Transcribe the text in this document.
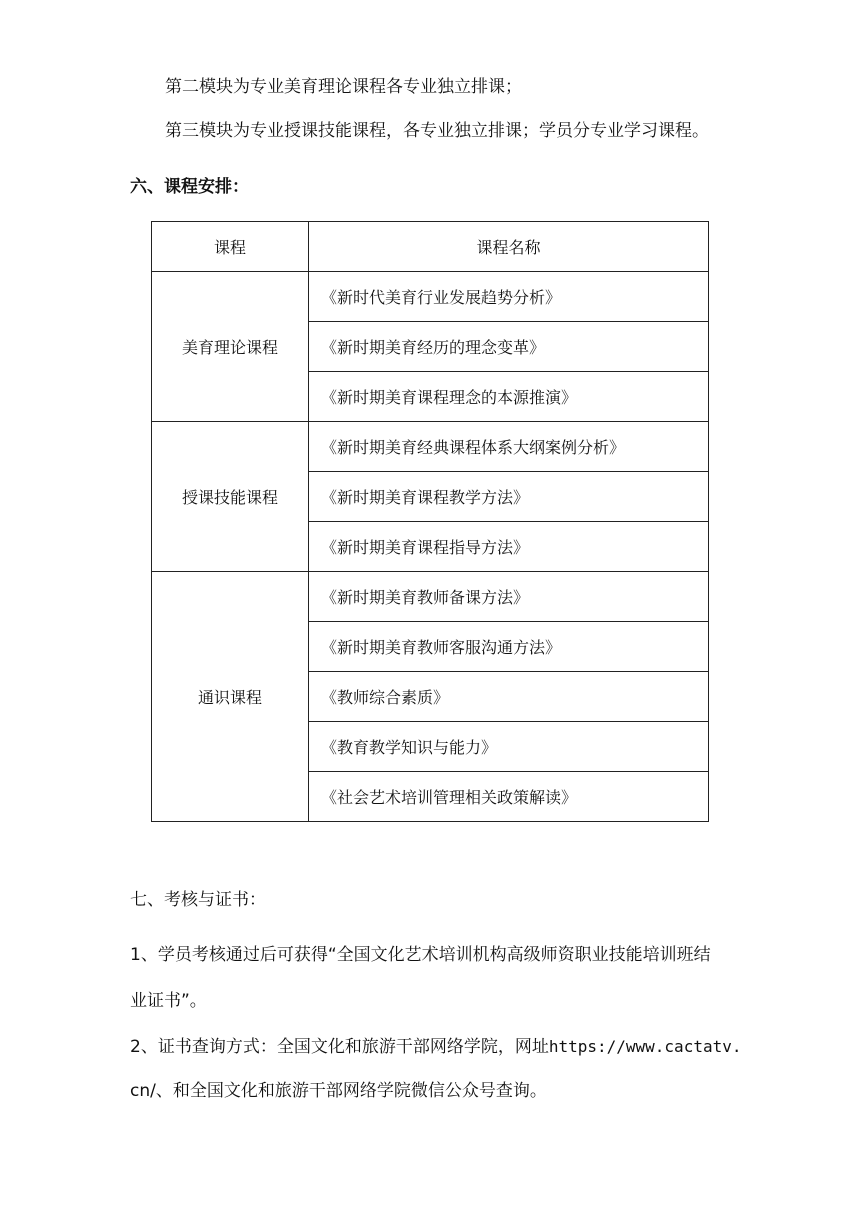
第二模块为专业美育理论课程各专业独立排课；
第三模块为专业授课技能课程，各专业独立排课；学员分专业学习课程。
六、课程安排：
课程	课程名称
美育理论课程	《新时代美育行业发展趋势分析》
	《新时期美育经历的理念变革》
	《新时期美育课程理念的本源推演》
授课技能课程	《新时期美育经典课程体系大纲案例分析》
	《新时期美育课程教学方法》
	《新时期美育课程指导方法》
通识课程	《新时期美育教师备课方法》
	《新时期美育教师客服沟通方法》
	《教师综合素质》
	《教育教学知识与能力》
	《社会艺术培训管理相关政策解读》
七、考核与证书：
1、学员考核通过后可获得“全国文化艺术培训机构高级师资职业技能培训班结
业证书”。
2、证书查询方式：全国文化和旅游干部网络学院，网址https://www.cactatv.
cn/、和全国文化和旅游干部网络学院微信公众号查询。
